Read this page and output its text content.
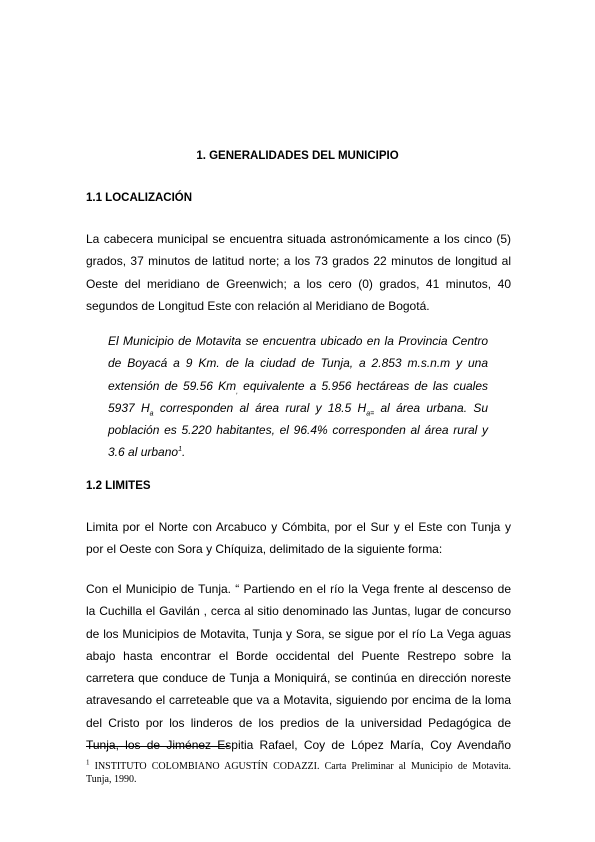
1. GENERALIDADES DEL MUNICIPIO
1.1 LOCALIZACIÓN
La cabecera municipal se encuentra situada astronómicamente a los cinco (5)
grados, 37 minutos de latitud norte; a los 73 grados 22 minutos de longitud al
Oeste del meridiano de Greenwich; a los cero (0) grados, 41 minutos, 40
segundos de Longitud Este con relación al Meridiano de Bogotá.
El Municipio de Motavita se encuentra ubicado en la Provincia Centro
de Boyacá a 9 Km. de la ciudad de Tunja, a 2.853 m.s.n.m y una
extensión de 59.56 $Km_,$ equivalente a 5.956 hectáreas de las cuales
5937 $H_a$ corresponden al área rural y 18.5 $H_{a=}$ al área urbana. Su
población es 5.220 habitantes, el 96.4% corresponden al área rural y
3.6 al urbano$^1$.
1.2 LIMITES
Limita por el Norte con Arcabuco y Cómbita, por el Sur y el Este con Tunja y
por el Oeste con Sora y Chíquiza, delimitado de la siguiente forma:
Con el Municipio de Tunja. “ Partiendo en el río la Vega frente al descenso de
la Cuchilla el Gavilán , cerca al sitio denominado las Juntas, lugar de concurso
de los Municipios de Motavita, Tunja y Sora, se sigue por el río La Vega aguas
abajo hasta encontrar el Borde occidental del Puente Restrepo sobre la
carretera que conduce de Tunja a Moniquirá, se continúa en dirección noreste
atravesando el carreteable que va a Motavita, siguiendo por encima de la loma
del Cristo por los linderos de los predios de la universidad Pedagógica de
Tunja, los de Jiménez Espitia Rafael, Coy de López María, Coy Avendaño
$^1$ INSTITUTO COLOMBIANO AGUSTÍN CODAZZI. Carta Preliminar al Municipio de Motavita.
Tunja, 1990.
